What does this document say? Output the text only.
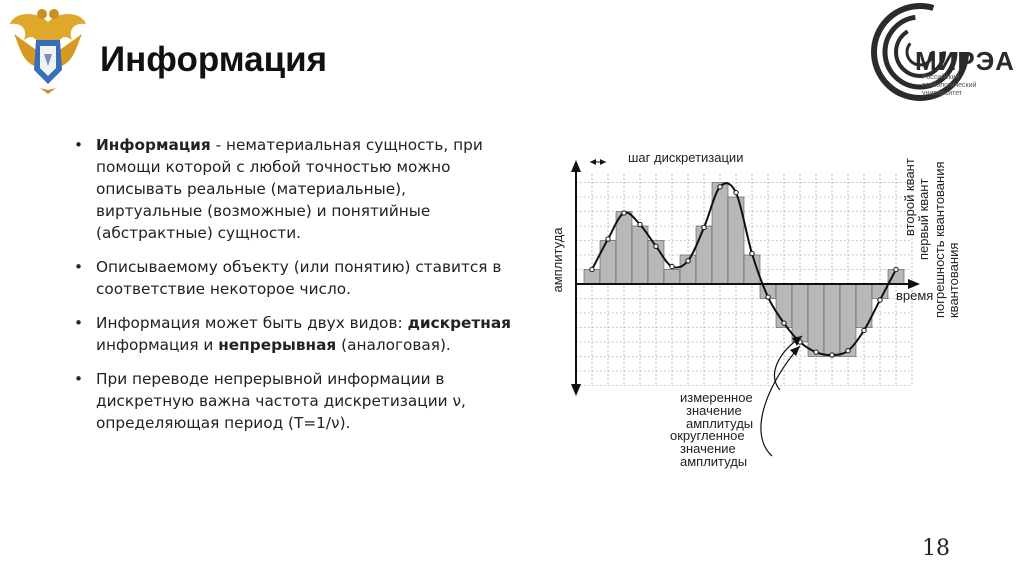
Информация	МИРЭА
Российский технологический университет
• Информация - нематериальная сущность, при помощи которой с любой точностью можно описывать реальные (материальные), виртуальные (возможные) и понятийные (абстрактные) сущности.
• Описываемому объекту (или понятию) ставится в соответствие некоторое число.
• Информация может быть двух видов: дискретная информация и непрерывная (аналоговая).
• При переводе непрерывной информации в дискретную важна частота дискретизации ν, определяющая период (T=1/ν).
амплитуда
время
шаг дискретизации
второй квант первый квант погрешность квантования квантования
измеренное
значение
амплитуды
округленное
значение
амплитуды
18
